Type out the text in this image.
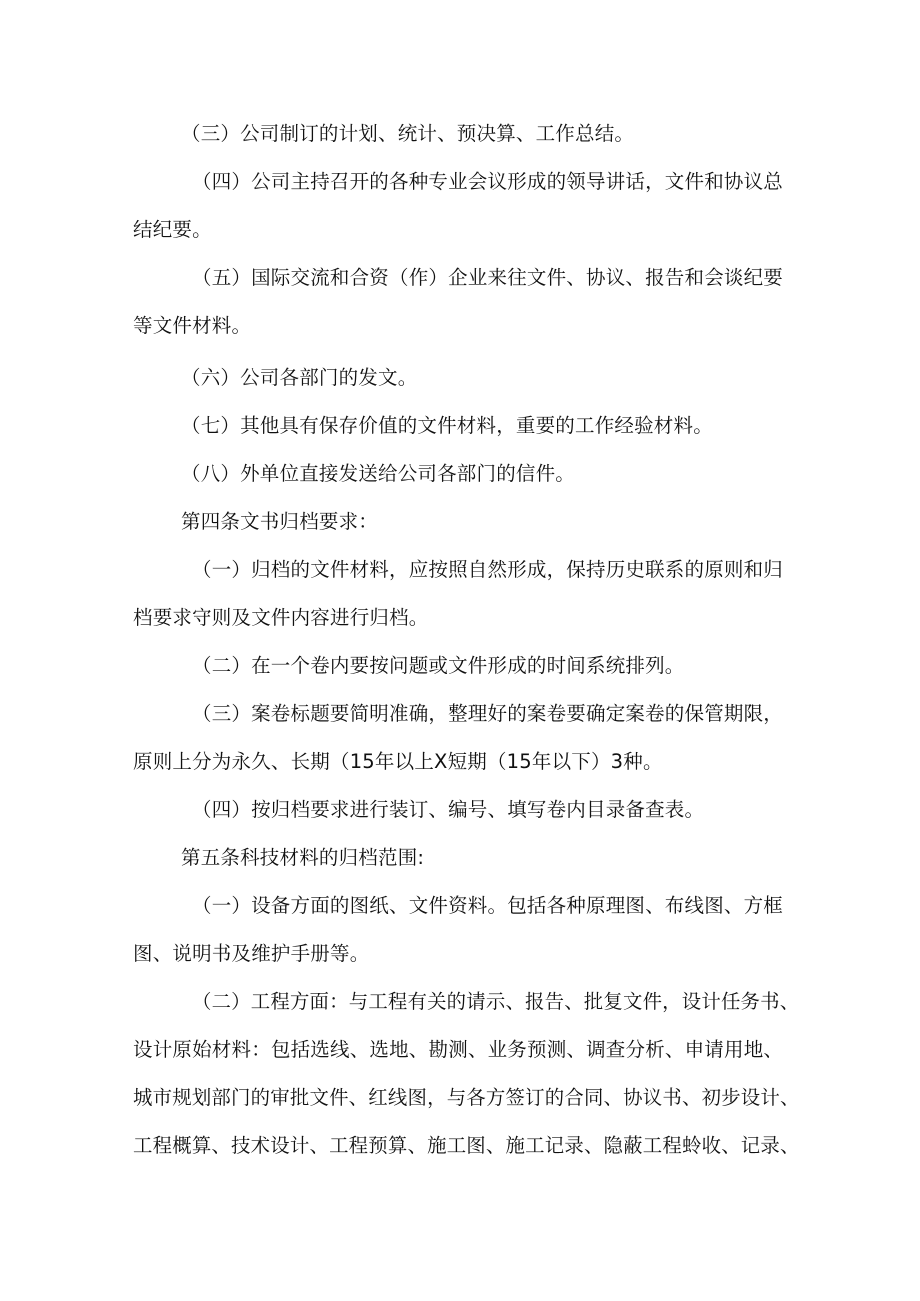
（三）公司制订的计划、统计、预决算、工作总结。
（四）公司主持召开的各种专业会议形成的领导讲话，文件和协议总
结纪要。
（五）国际交流和合资（作）企业来往文件、协议、报告和会谈纪要
等文件材料。
（六）公司各部门的发文。
（七）其他具有保存价值的文件材料，重要的工作经验材料。
（八）外单位直接发送给公司各部门的信件。
第四条文书归档要求：
（一）归档的文件材料，应按照自然形成，保持历史联系的原则和归
档要求守则及文件内容进行归档。
（二）在一个卷内要按问题或文件形成的时间系统排列。
（三）案卷标题要简明准确，整理好的案卷要确定案卷的保管期限，
原则上分为永久、长期（15年以上X短期（15年以下）3种。
（四）按归档要求进行装订、编号、填写卷内目录备查表。
第五条科技材料的归档范围:
（一）设备方面的图纸、文件资料。包括各种原理图、布线图、方框
图、说明书及维护手册等。
（二）工程方面：与工程有关的请示、报告、批复文件，设计任务书、
设计原始材料：包括选线、选地、勘测、业务预测、调查分析、申请用地、
城市规划部门的审批文件、红线图，与各方签订的合同、协议书、初步设计、
工程概算、技术设计、工程预算、施工图、施工记录、隐蔽工程蛉收、记录、
